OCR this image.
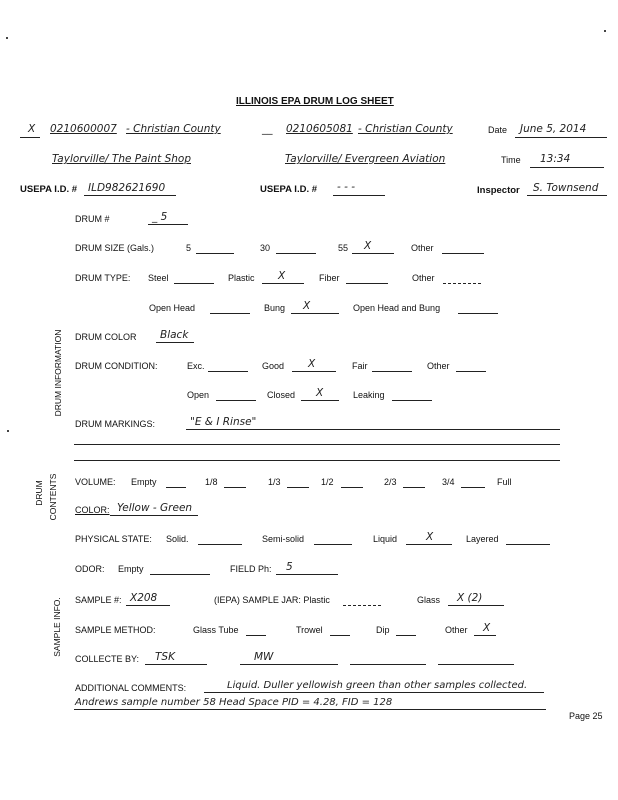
ILLINOIS EPA DRUM LOG SHEET
X 0210600007 - Christian County	__ 0210605081 - Christian County	Date June 5, 2014
Taylorville/ The Paint Shop	Taylorville/ Evergreen Aviation	Time 13:34
USEPA I.D. # ILD982621690	USEPA I.D. # - - -	Inspector S. Townsend
DRUM INFORMATION
DRUM CONTENTS
SAMPLE INFO.
DRUM #	_ 5
DRUM SIZE (Gals.)	5	30	55 X	Other
DRUM TYPE: Steel	Plastic X	Fiber	Other
Open Head	Bung X	Open Head and Bung
DRUM COLOR Black
DRUM CONDITION:	Exc.	Good X	Fair	Other
Open	Closed X	Leaking
DRUM MARKINGS:	"E & I Rinse"
VOLUME: Empty	1/8	1/3	1/2	2/3	3/4	Full
COLOR: Yellow - Green
PHYSICAL STATE: Solid.	Semi-solid	Liquid	X	Layered
ODOR: Empty	FIELD Ph: 5
SAMPLE #: X208	(IEPA) SAMPLE JAR: Plastic	Glass X (2)
SAMPLE METHOD:	Glass Tube	Trowel	Dip	Other X
COLLECTE BY: TSK	MW
ADDITIONAL COMMENTS:	Liquid. Duller yellowish green than other samples collected.
Andrews sample number 58 Head Space PID = 4.28, FID = 128
Page 25
